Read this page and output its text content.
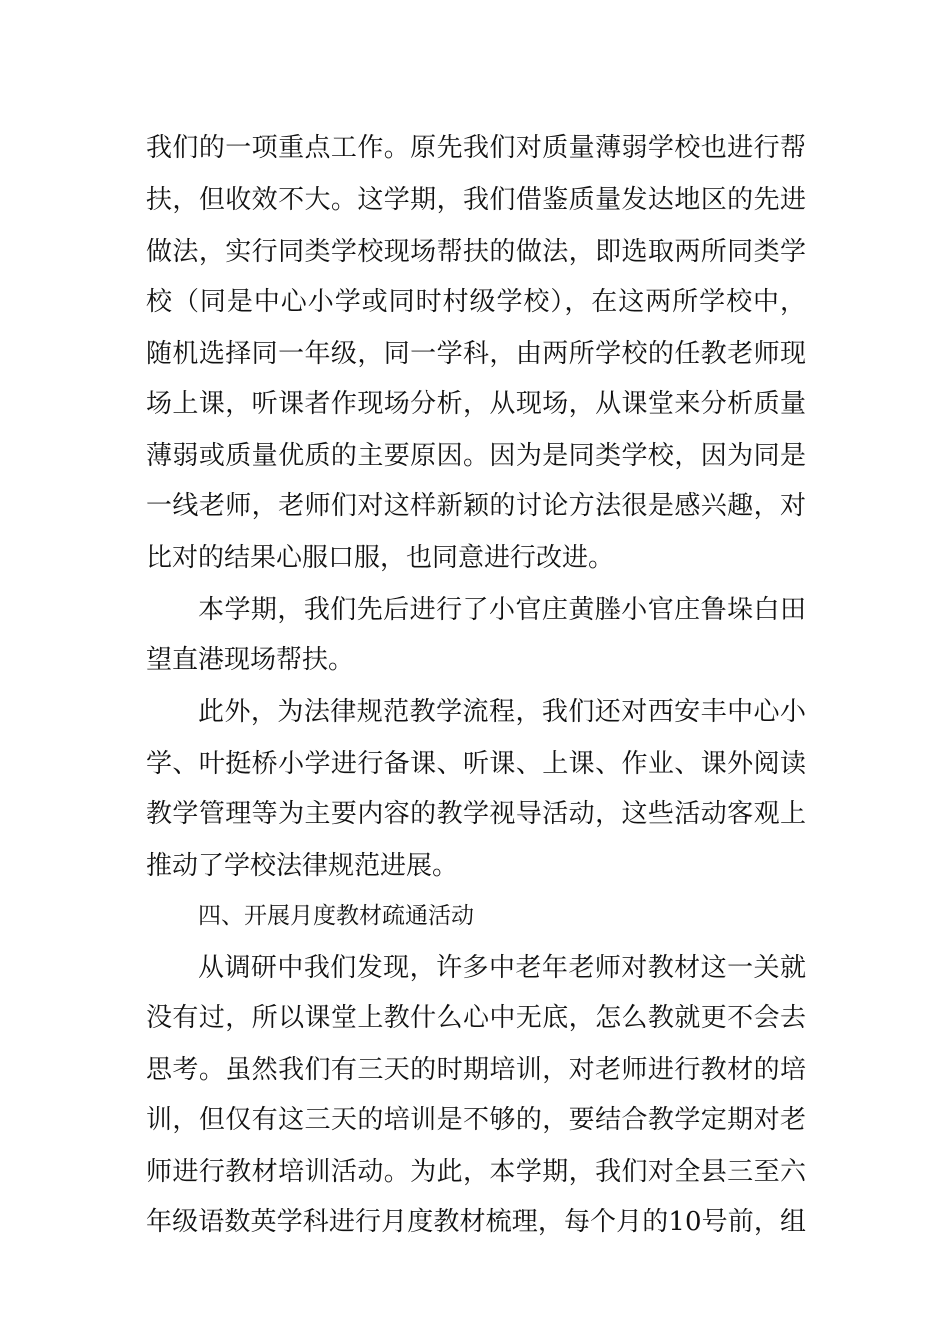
我们的一项重点工作。原先我们对质量薄弱学校也进行帮
扶，但收效不大。这学期，我们借鉴质量发达地区的先进
做法，实行同类学校现场帮扶的做法，即选取两所同类学
校（同是中心小学或同时村级学校），在这两所学校中，
随机选择同一年级，同一学科，由两所学校的任教老师现
场上课，听课者作现场分析，从现场，从课堂来分析质量
薄弱或质量优质的主要原因。因为是同类学校，因为同是
一线老师，老师们对这样新颖的讨论方法很是感兴趣，对
比对的结果心服口服，也同意进行改进。
本学期，我们先后进行了小官庄黄塍小官庄鲁垛白田
望直港现场帮扶。
此外，为法律规范教学流程，我们还对西安丰中心小
学、叶挺桥小学进行备课、听课、上课、作业、课外阅读
教学管理等为主要内容的教学视导活动，这些活动客观上
推动了学校法律规范进展。
四、开展月度教材疏通活动
从调研中我们发现，许多中老年老师对教材这一关就
没有过，所以课堂上教什么心中无底，怎么教就更不会去
思考。虽然我们有三天的时期培训，对老师进行教材的培
训，但仅有这三天的培训是不够的，要结合教学定期对老
师进行教材培训活动。为此，本学期，我们对全县三至六
年级语数英学科进行月度教材梳理，每个月的10号前，组
